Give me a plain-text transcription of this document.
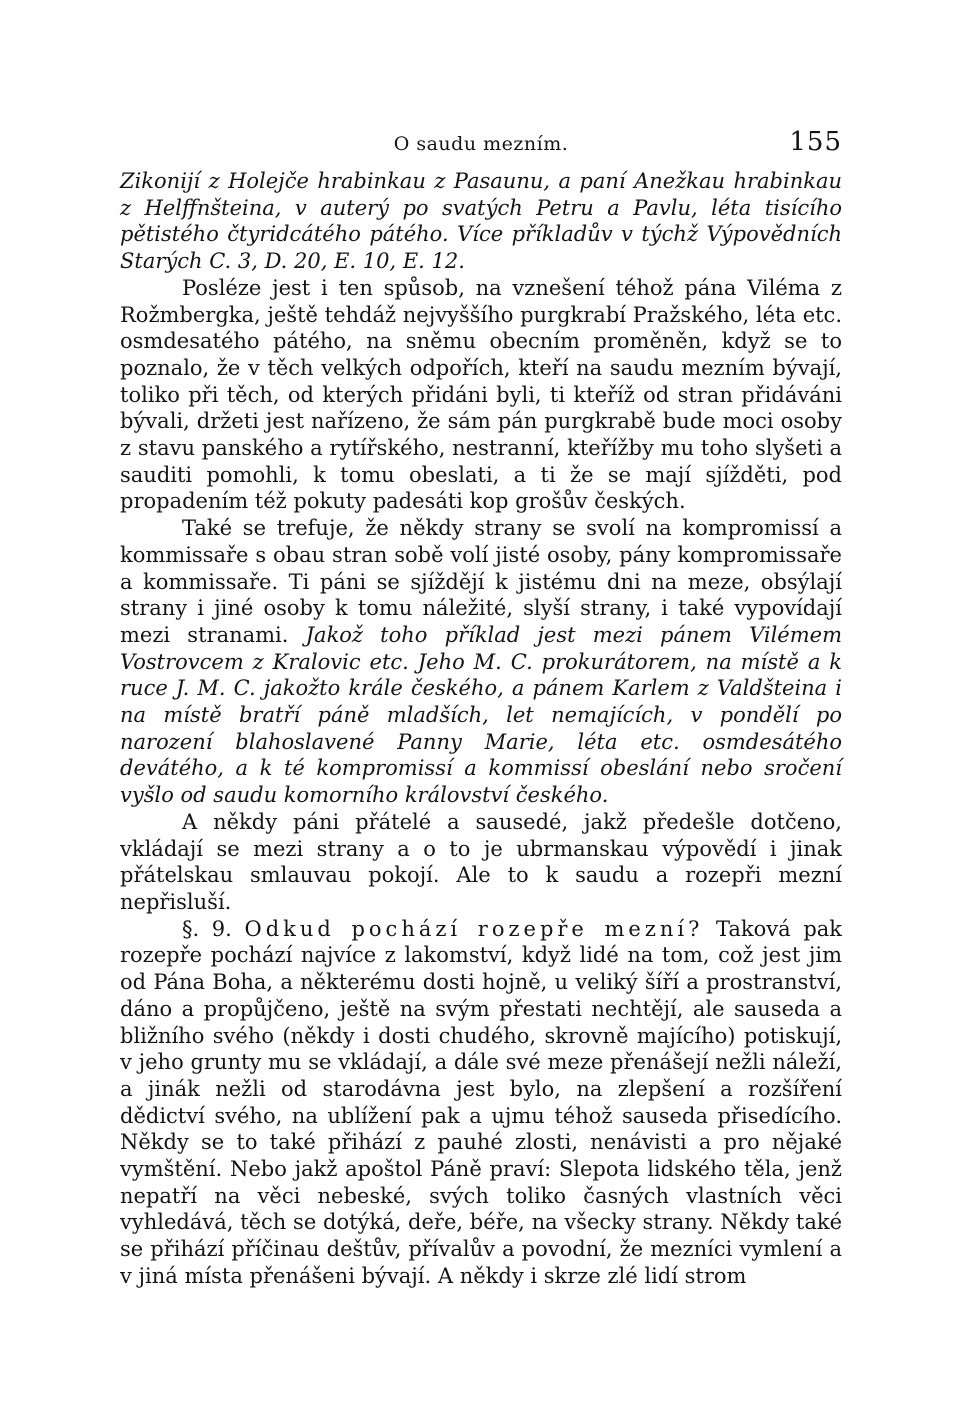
O saudu mezním.	155

Zikonijí z Holejče hrabinkau z Pasaunu, a paní Anežkau hrabinkau z Helffnšteina, v auterý po svatých Petru a Pavlu, léta tisícího pětistého čtyridcátého pátého. Více příkladův v týchž Výpovědních Starých C. 3, D. 20, E. 10, E. 12.

Posléze jest i ten spůsob, na vznešení téhož pána Viléma z Rožmbergka, ještě tehdáž nejvyššího purgkrabí Pražského, léta etc. osmdesatého pátého, na sněmu obecním proměněn, když se to poznalo, že v těch velkých odpořích, kteří na saudu mezním bývají, toliko při těch, od kterých přidáni byli, ti kteříž od stran přidáváni bývali, držeti jest nařízeno, že sám pán purgkrabě bude moci osoby z stavu panského a rytířského, nestranní, kteřížby mu toho slyšeti a sauditi pomohli, k tomu obeslati, a ti že se mají sjížděti, pod propadením též pokuty padesáti kop grošův českých.

Také se trefuje, že někdy strany se svolí na kompromissí a kommissaře s obau stran sobě volí jisté osoby, pány kompromissaře a kommissaře. Ti páni se sjíždějí k jistému dni na meze, obsýlají strany i jiné osoby k tomu náležité, slyší strany, i také vypovídají mezi stranami. Jakož toho příklad jest mezi pánem Vilémem Vostrovcem z Kralovic etc. Jeho M. C. prokurátorem, na místě a k ruce J. M. C. jakožto krále českého, a pánem Karlem z Valdšteina i na místě bratří páně mladších, let nemajících, v pondělí po narození blahoslavené Panny Marie, léta etc. osmdesátého devátého, a k té kompromissí a kommissí obeslání nebo sročení vyšlo od saudu komorního království českého.

A někdy páni přátelé a sausedé, jakž předešle dotčeno, vkládají se mezi strany a o to je ubrmanskau výpovědí i jinak přátelskau smlauvau pokojí. Ale to k saudu a rozepři mezní nepřisluší.

§. 9. Odkud pochází rozepře mezní? Taková pak rozepře pochází najvíce z lakomství, když lidé na tom, což jest jim od Pána Boha, a některému dosti hojně, u veliký šíří a prostranství, dáno a propůjčeno, ještě na svým přestati nechtějí, ale sauseda a bližního svého (někdy i dosti chudého, skrovně majícího) potiskují, v jeho grunty mu se vkládají, a dále své meze přenášejí nežli náleží, a jinák nežli od starodávna jest bylo, na zlepšení a rozšíření dědictví svého, na ublížení pak a ujmu téhož sauseda přisedícího. Někdy se to také přihází z pauhé zlosti, nenávisti a pro nějaké vymštění. Nebo jakž apoštol Páně praví: Slepota lidského těla, jenž nepatří na věci nebeské, svých toliko časných vlastních věci vyhledává, těch se dotýká, deře, béře, na všecky strany. Někdy také se přihází příčinau deštův, přívalův a povodní, že mezníci vymlení a v jiná místa přenášeni bývají. A někdy i skrze zlé lidí strom
